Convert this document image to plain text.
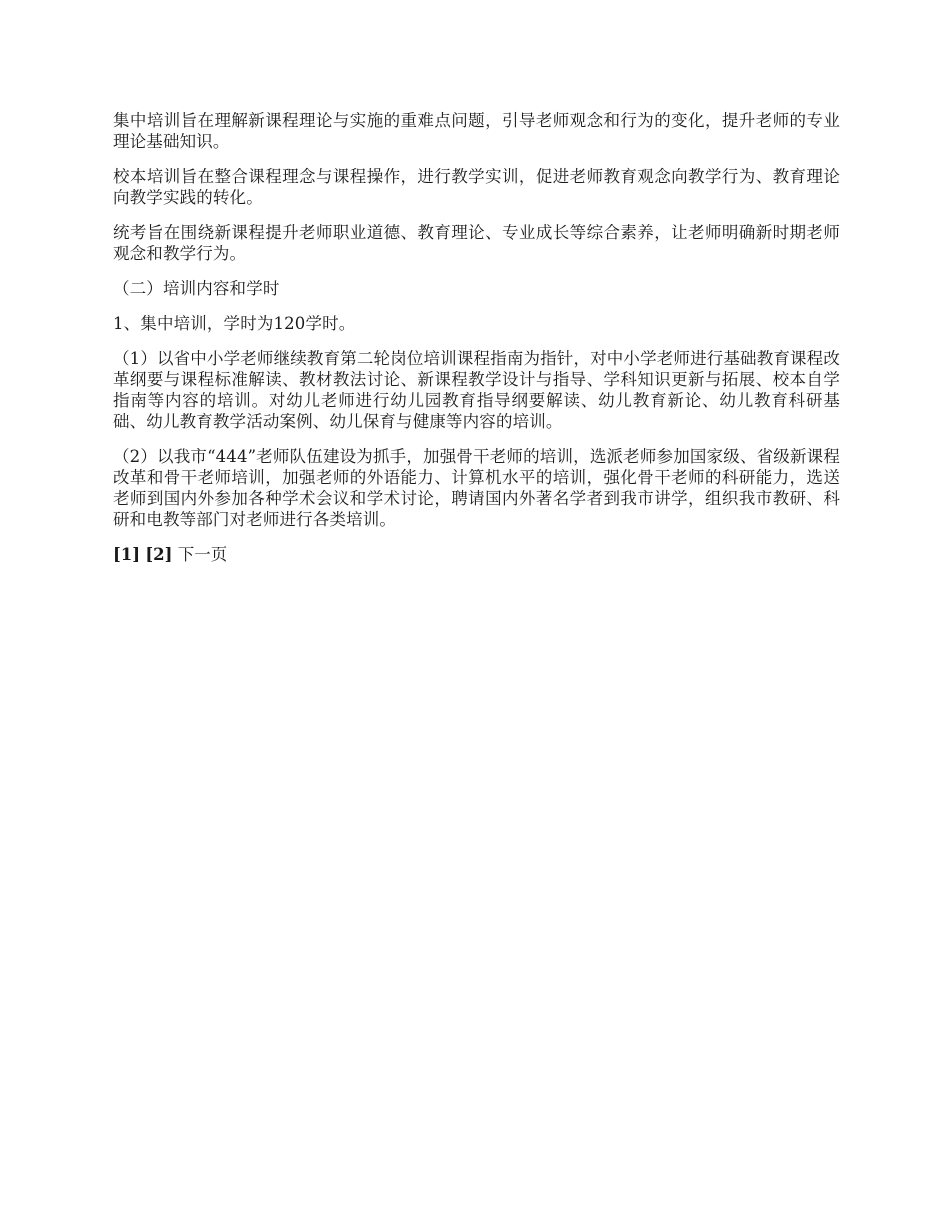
集中培训旨在理解新课程理论与实施的重难点问题，引导老师观念和行为的变化，提升老师的专业理论基础知识。

校本培训旨在整合课程理念与课程操作，进行教学实训，促进老师教育观念向教学行为、教育理论向教学实践的转化。

统考旨在围绕新课程提升老师职业道德、教育理论、专业成长等综合素养，让老师明确新时期老师观念和教学行为。

（二）培训内容和学时

1、集中培训，学时为120学时。

（1）以省中小学老师继续教育第二轮岗位培训课程指南为指针，对中小学老师进行基础教育课程改革纲要与课程标准解读、教材教法讨论、新课程教学设计与指导、学科知识更新与拓展、校本自学指南等内容的培训。对幼儿老师进行幼儿园教育指导纲要解读、幼儿教育新论、幼儿教育科研基础、幼儿教育教学活动案例、幼儿保育与健康等内容的培训。

（2）以我市“444”老师队伍建设为抓手，加强骨干老师的培训，选派老师参加国家级、省级新课程改革和骨干老师培训，加强老师的外语能力、计算机水平的培训，强化骨干老师的科研能力，选送老师到国内外参加各种学术会议和学术讨论，聘请国内外著名学者到我市讲学，组织我市教研、科研和电教等部门对老师进行各类培训。

[1] [2] 下一页
